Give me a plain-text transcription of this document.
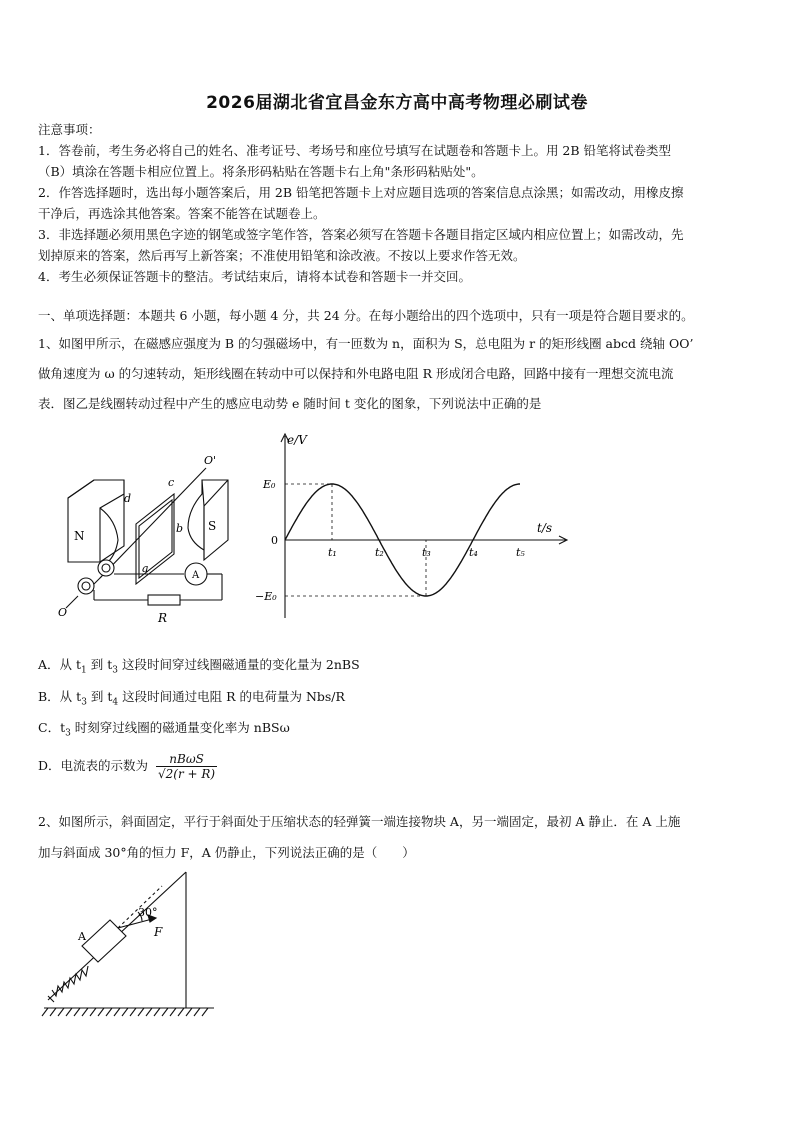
2026届湖北省宜昌金东方高中高考物理必刷试卷
注意事项：
1．答卷前，考生务必将自己的姓名、准考证号、考场号和座位号填写在试题卷和答题卡上。用 2B 铅笔将试卷类型
（B）填涂在答题卡相应位置上。将条形码粘贴在答题卡右上角"条形码粘贴处"。
2．作答选择题时，选出每小题答案后，用 2B 铅笔把答题卡上对应题目选项的答案信息点涂黑；如需改动，用橡皮擦
干净后，再选涂其他答案。答案不能答在试题卷上。
3．非选择题必须用黑色字迹的钢笔或签字笔作答，答案必须写在答题卡各题目指定区域内相应位置上；如需改动，先
划掉原来的答案，然后再写上新答案；不准使用铅笔和涂改液。不按以上要求作答无效。
4．考生必须保证答题卡的整洁。考试结束后，请将本试卷和答题卡一并交回。
一、单项选择题：本题共 6 小题，每小题 4 分，共 24 分。在每小题给出的四个选项中，只有一项是符合题目要求的。
1、如图甲所示，在磁感应强度为 B 的匀强磁场中，有一匝数为 n，面积为 S，总电阻为 r 的矩形线圈 abcd 绕轴 OO’
做角速度为 ω 的匀速转动，矩形线圈在转动中可以保持和外电路电阻 R 形成闭合电路，回路中接有一理想交流电流
表．图乙是线圈转动过程中产生的感应电动势 e 随时间 t 变化的图象，下列说法中正确的是
N
S
a
b
c
d
O'
O
A
R
e/V
t/s
E₀
−E₀
0
t₁	t₂	t₃	t₄	t₅
A．从 $t_1$ 到 $t_3$ 这段时间穿过线圈磁通量的变化量为 2nBS
B．从 $t_3$ 到 $t_4$ 这段时间通过电阻 R 的电荷量为 Nbs/R
C．$t_3$ 时刻穿过线圈的磁通量变化率为 nBSω
D．电流表的示数为 $\frac{\text{nBωS}}{√2(r + R)}$
2、如图所示，斜面固定，平行于斜面处于压缩状态的轻弹簧一端连接物块 A，另一端固定，最初 A 静止．在 A 上施
加与斜面成 30°角的恒力 F，A 仍静止，下列说法正确的是（　　）
A
30°
F
